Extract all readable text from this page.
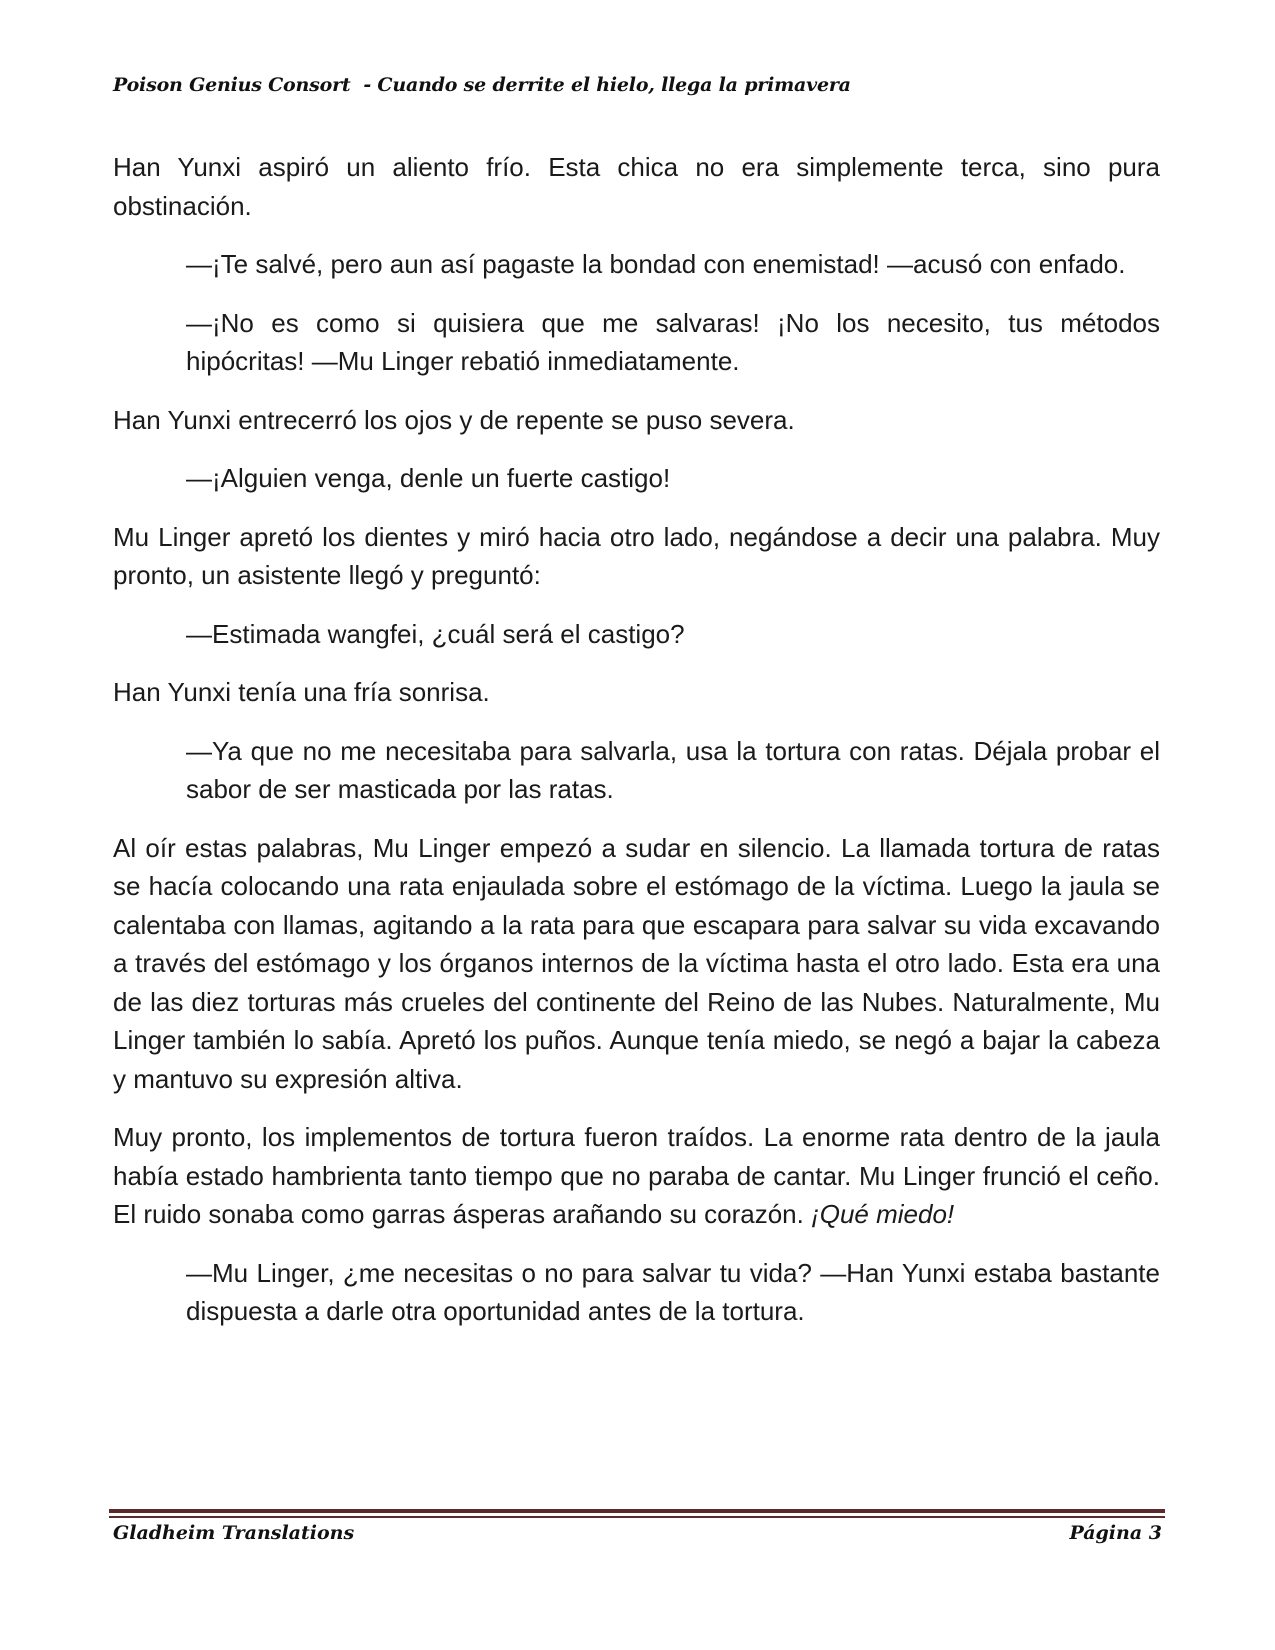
Poison Genius Consort  - Cuando se derrite el hielo, llega la primavera

Han Yunxi aspiró un aliento frío. Esta chica no era simplemente terca, sino pura obstinación.

—¡Te salvé, pero aun así pagaste la bondad con enemistad! —acusó con enfado.

—¡No es como si quisiera que me salvaras! ¡No los necesito, tus métodos hipócritas! —Mu Linger rebatió inmediatamente.

Han Yunxi entrecerró los ojos y de repente se puso severa.

—¡Alguien venga, denle un fuerte castigo!

Mu Linger apretó los dientes y miró hacia otro lado, negándose a decir una palabra. Muy pronto, un asistente llegó y preguntó:

—Estimada wangfei, ¿cuál será el castigo?

Han Yunxi tenía una fría sonrisa.

—Ya que no me necesitaba para salvarla, usa la tortura con ratas. Déjala probar el sabor de ser masticada por las ratas.

Al oír estas palabras, Mu Linger empezó a sudar en silencio. La llamada tortura de ratas se hacía colocando una rata enjaulada sobre el estómago de la víctima. Luego la jaula se calentaba con llamas, agitando a la rata para que escapara para salvar su vida excavando a través del estómago y los órganos internos de la víctima hasta el otro lado. Esta era una de las diez torturas más crueles del continente del Reino de las Nubes. Naturalmente, Mu Linger también lo sabía. Apretó los puños. Aunque tenía miedo, se negó a bajar la cabeza y mantuvo su expresión altiva.

Muy pronto, los implementos de tortura fueron traídos. La enorme rata dentro de la jaula había estado hambrienta tanto tiempo que no paraba de cantar. Mu Linger frunció el ceño. El ruido sonaba como garras ásperas arañando su corazón. ¡Qué miedo!

—Mu Linger, ¿me necesitas o no para salvar tu vida? —Han Yunxi estaba bastante dispuesta a darle otra oportunidad antes de la tortura.

Gladheim Translations	Página 3
